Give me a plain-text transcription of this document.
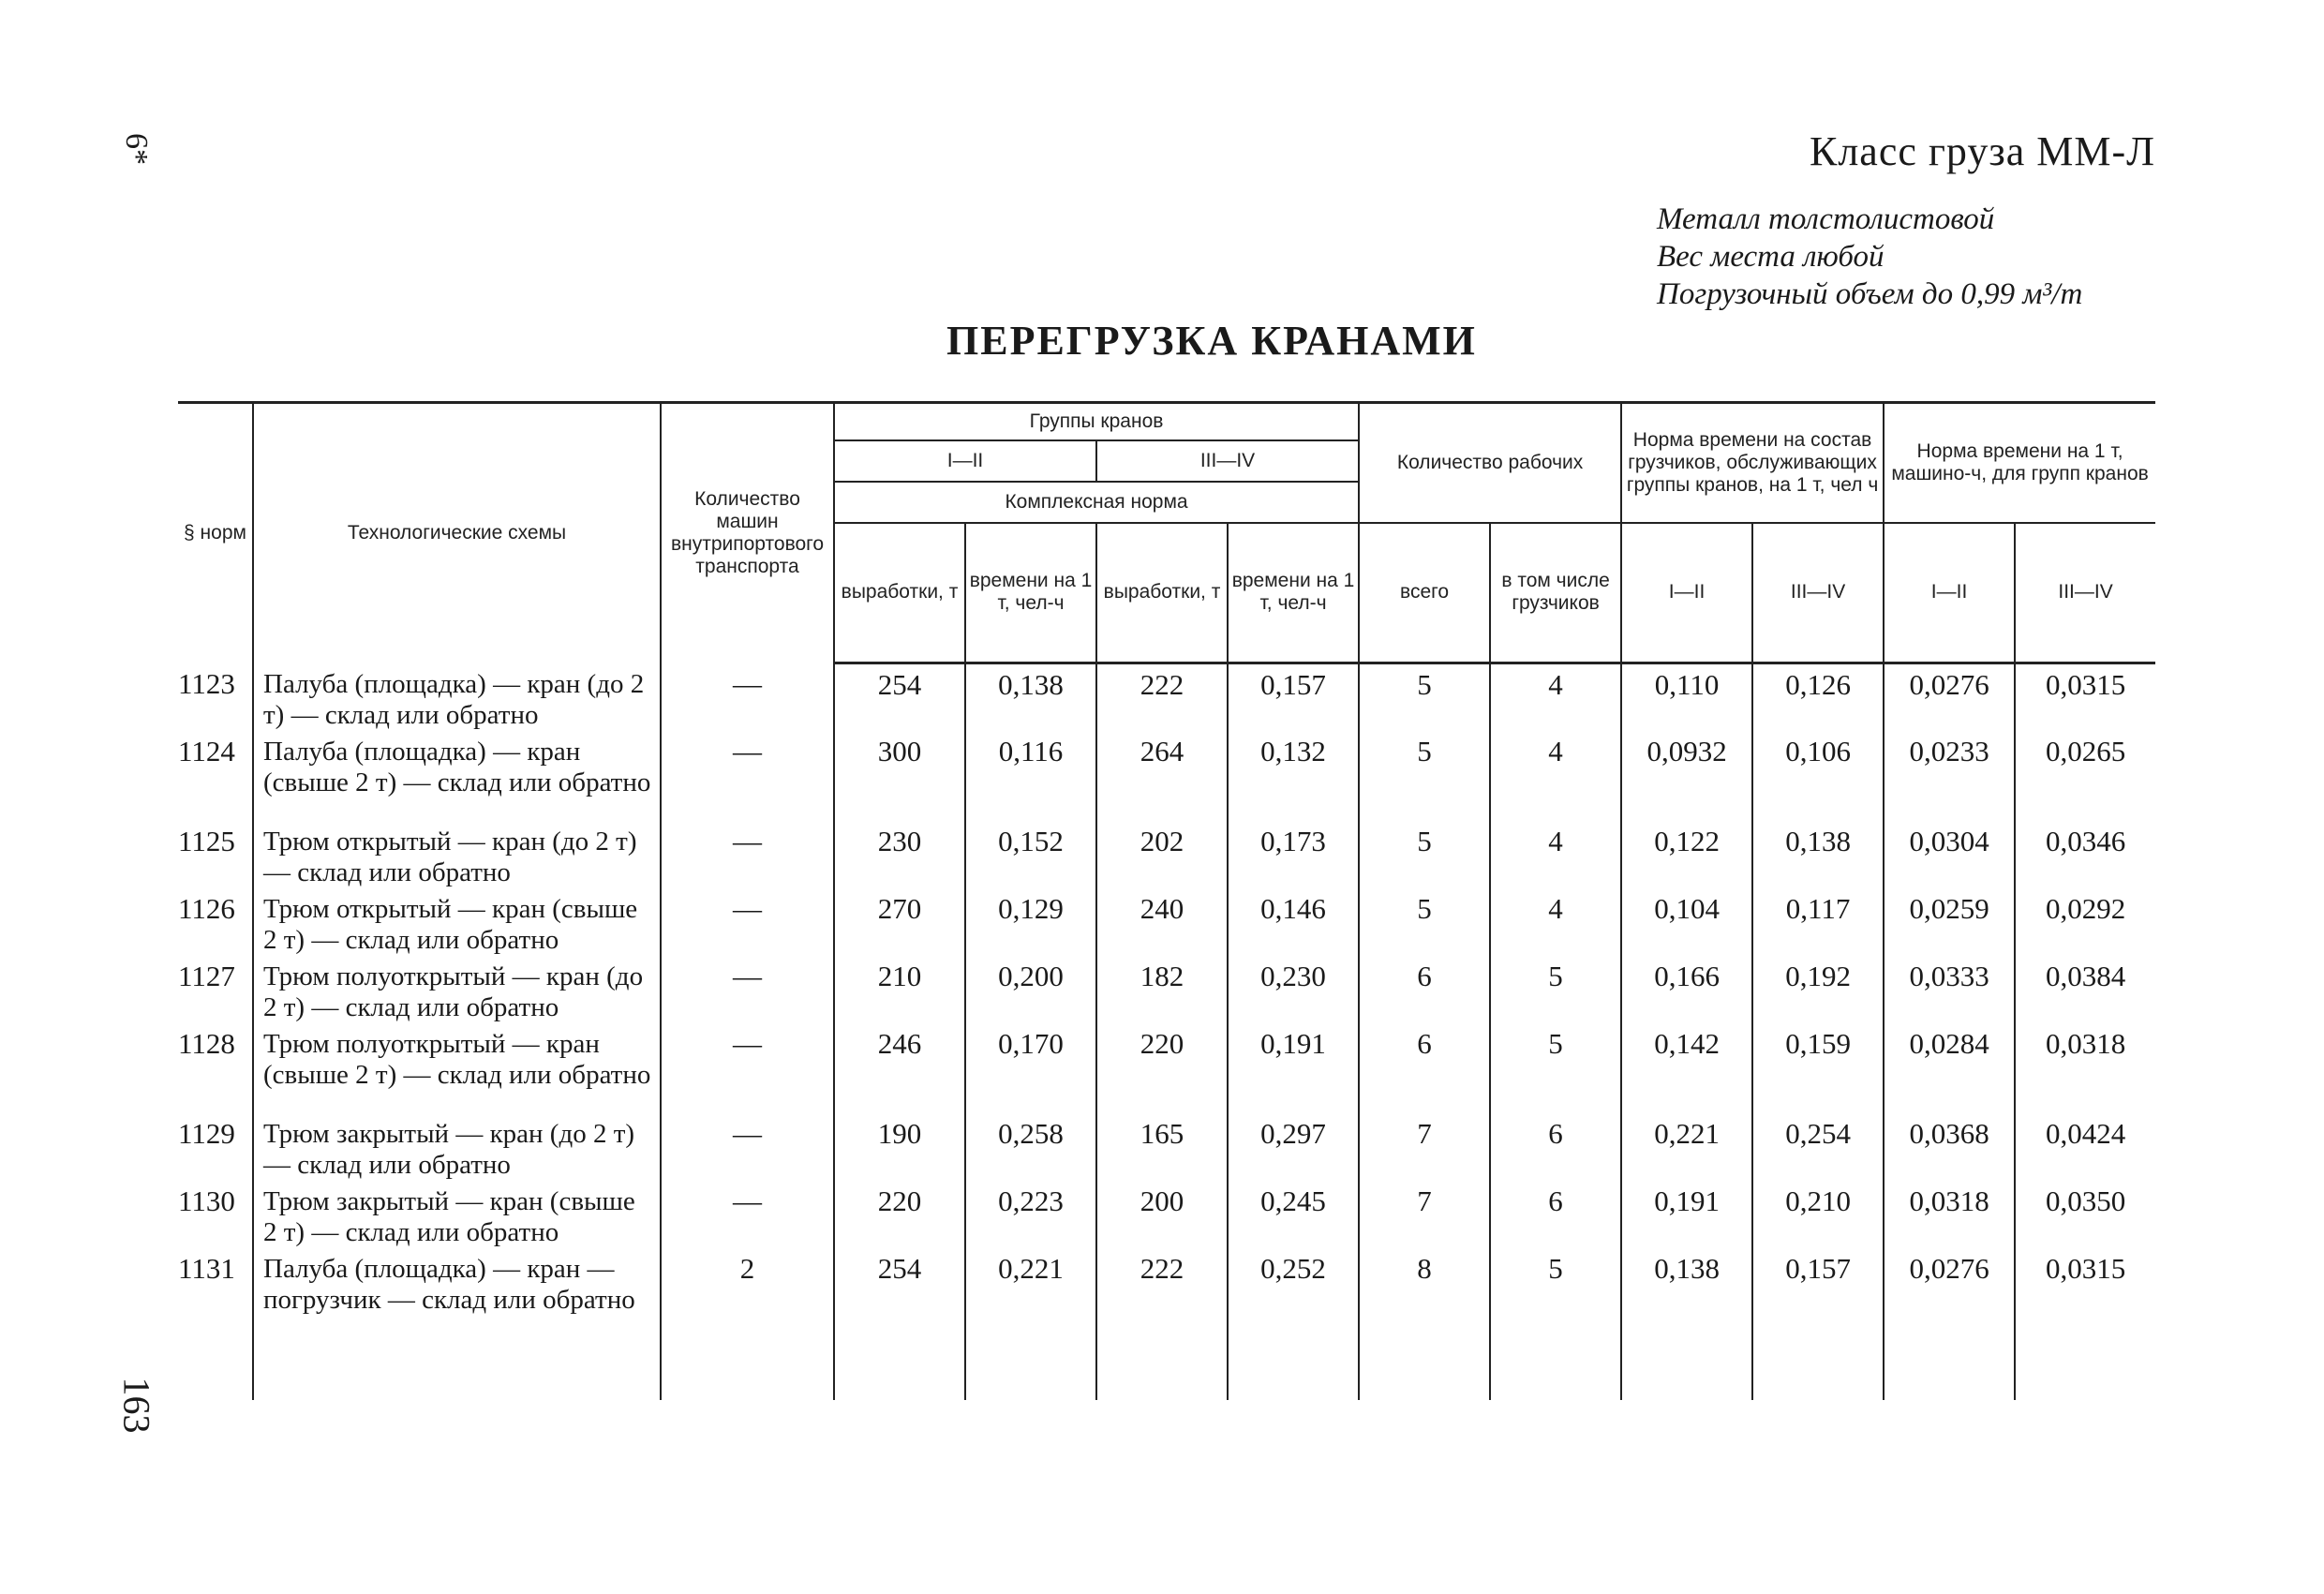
6*
163
Класс груза ММ-Л
Металл толстолистовой
Вес места любой
Погрузочный объем до 0,99 м³/т
ПЕРЕГРУЗКА КРАНАМИ
§ норм	Технологические схемы	Количество машин внутрипортового транспорта	Группы кранов				Количество рабочих		Норма времени на состав грузчиков, обслуживающих группы кранов, на 1 т, чел ч		Норма времени на 1 т, машино-ч, для групп кранов	
			I—II		III—IV							
			Комплексная норма									
			выработки, т	времени на 1 т, чел-ч	выработки, т	времени на 1 т, чел-ч	всего	в том числе грузчиков	I—II	III—IV	I—II	III—IV
1123	Палуба (площадка) — кран (до 2 т) — склад или обратно	—	254	0,138	222	0,157	5	4	0,110	0,126	0,0276	0,0315
1124	Палуба (площадка) — кран (свыше 2 т) — склад или обратно	—	300	0,116	264	0,132	5	4	0,0932	0,106	0,0233	0,0265
1125	Трюм открытый — кран (до 2 т) — склад или обратно	—	230	0,152	202	0,173	5	4	0,122	0,138	0,0304	0,0346
1126	Трюм открытый — кран (свыше 2 т) — склад или обратно	—	270	0,129	240	0,146	5	4	0,104	0,117	0,0259	0,0292
1127	Трюм полуоткрытый — кран (до 2 т) — склад или обратно	—	210	0,200	182	0,230	6	5	0,166	0,192	0,0333	0,0384
1128	Трюм полуоткрытый — кран (свыше 2 т) — склад или обратно	—	246	0,170	220	0,191	6	5	0,142	0,159	0,0284	0,0318
1129	Трюм закрытый — кран (до 2 т) — склад или обратно	—	190	0,258	165	0,297	7	6	0,221	0,254	0,0368	0,0424
1130	Трюм закрытый — кран (свыше 2 т) — склад или обратно	—	220	0,223	200	0,245	7	6	0,191	0,210	0,0318	0,0350
1131	Палуба (площадка) — кран — погрузчик — склад или обратно	2	254	0,221	222	0,252	8	5	0,138	0,157	0,0276	0,0315
